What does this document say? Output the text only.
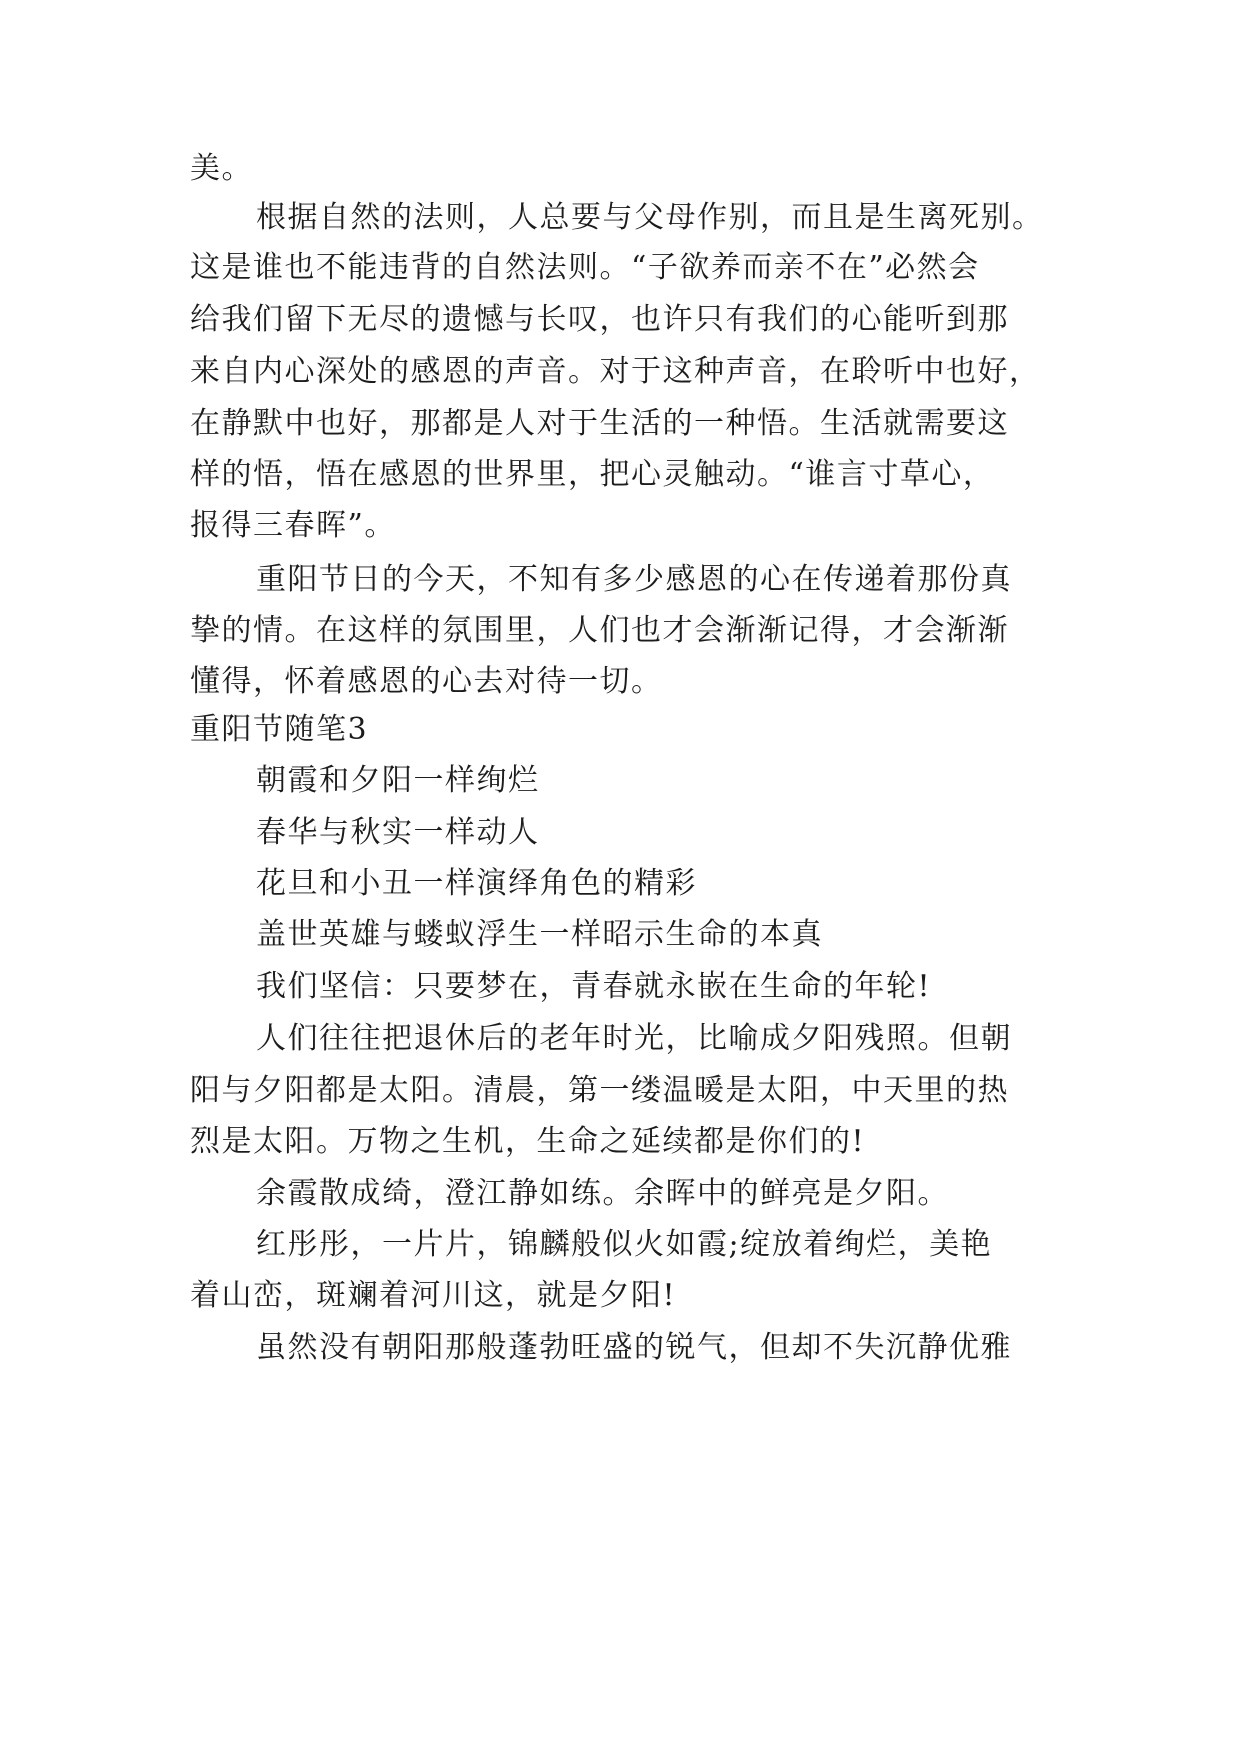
美。
根据自然的法则，人总要与父母作别，而且是生离死别。
这是谁也不能违背的自然法则。“子欲养而亲不在”必然会
给我们留下无尽的遗憾与长叹，也许只有我们的心能听到那
来自内心深处的感恩的声音。对于这种声音，在聆听中也好，
在静默中也好，那都是人对于生活的一种悟。生活就需要这
样的悟，悟在感恩的世界里，把心灵触动。“谁言寸草心，
报得三春晖”。
重阳节日的今天，不知有多少感恩的心在传递着那份真
挚的情。在这样的氛围里，人们也才会渐渐记得，才会渐渐
懂得，怀着感恩的心去对待一切。
重阳节随笔3
朝霞和夕阳一样绚烂
春华与秋实一样动人
花旦和小丑一样演绎角色的精彩
盖世英雄与蝼蚁浮生一样昭示生命的本真
我们坚信：只要梦在，青春就永嵌在生命的年轮!
人们往往把退休后的老年时光，比喻成夕阳残照。但朝
阳与夕阳都是太阳。清晨，第一缕温暖是太阳，中天里的热
烈是太阳。万物之生机，生命之延续都是你们的!
余霞散成绮，澄江静如练。余晖中的鲜亮是夕阳。
红彤彤，一片片，锦麟般似火如霞;绽放着绚烂，美艳
着山峦，斑斓着河川这，就是夕阳!
虽然没有朝阳那般蓬勃旺盛的锐气，但却不失沉静优雅
